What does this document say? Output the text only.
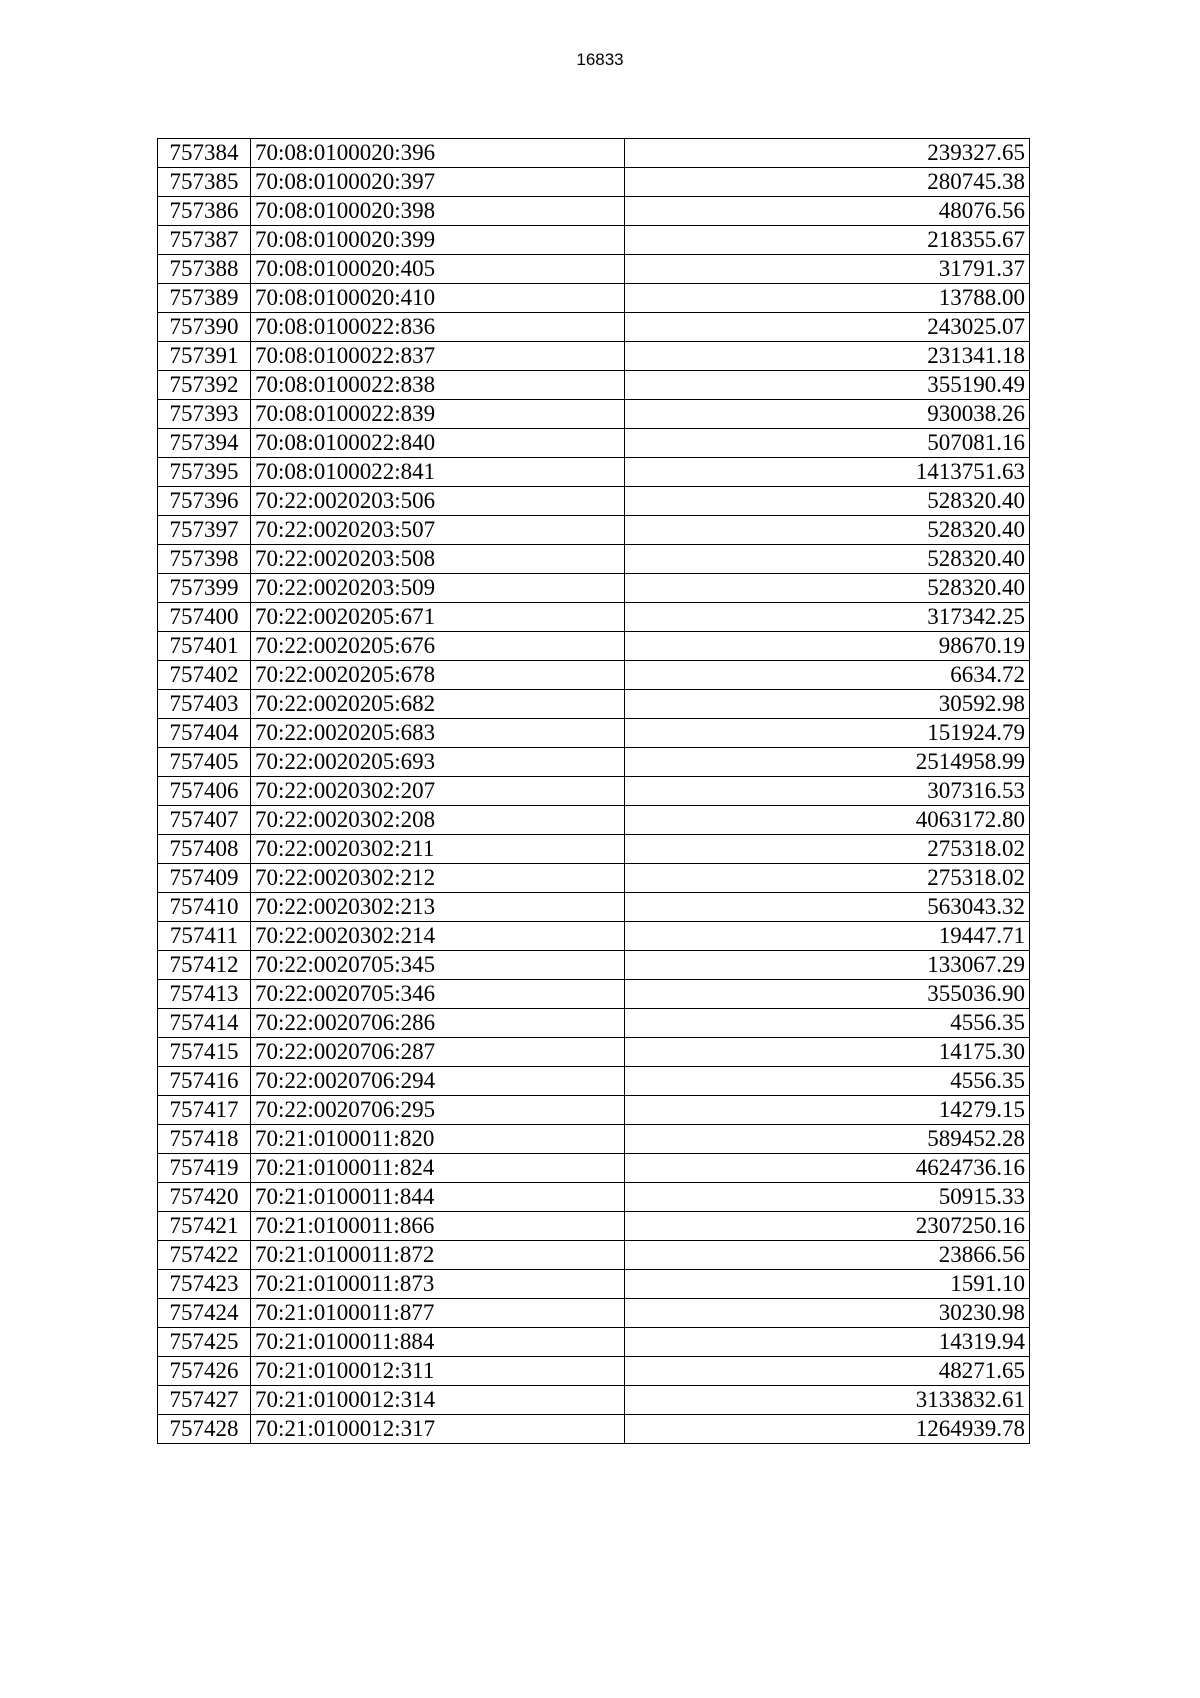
16833
757384	70:08:0100020:396	239327.65
757385	70:08:0100020:397	280745.38
757386	70:08:0100020:398	48076.56
757387	70:08:0100020:399	218355.67
757388	70:08:0100020:405	31791.37
757389	70:08:0100020:410	13788.00
757390	70:08:0100022:836	243025.07
757391	70:08:0100022:837	231341.18
757392	70:08:0100022:838	355190.49
757393	70:08:0100022:839	930038.26
757394	70:08:0100022:840	507081.16
757395	70:08:0100022:841	1413751.63
757396	70:22:0020203:506	528320.40
757397	70:22:0020203:507	528320.40
757398	70:22:0020203:508	528320.40
757399	70:22:0020203:509	528320.40
757400	70:22:0020205:671	317342.25
757401	70:22:0020205:676	98670.19
757402	70:22:0020205:678	6634.72
757403	70:22:0020205:682	30592.98
757404	70:22:0020205:683	151924.79
757405	70:22:0020205:693	2514958.99
757406	70:22:0020302:207	307316.53
757407	70:22:0020302:208	4063172.80
757408	70:22:0020302:211	275318.02
757409	70:22:0020302:212	275318.02
757410	70:22:0020302:213	563043.32
757411	70:22:0020302:214	19447.71
757412	70:22:0020705:345	133067.29
757413	70:22:0020705:346	355036.90
757414	70:22:0020706:286	4556.35
757415	70:22:0020706:287	14175.30
757416	70:22:0020706:294	4556.35
757417	70:22:0020706:295	14279.15
757418	70:21:0100011:820	589452.28
757419	70:21:0100011:824	4624736.16
757420	70:21:0100011:844	50915.33
757421	70:21:0100011:866	2307250.16
757422	70:21:0100011:872	23866.56
757423	70:21:0100011:873	1591.10
757424	70:21:0100011:877	30230.98
757425	70:21:0100011:884	14319.94
757426	70:21:0100012:311	48271.65
757427	70:21:0100012:314	3133832.61
757428	70:21:0100012:317	1264939.78
